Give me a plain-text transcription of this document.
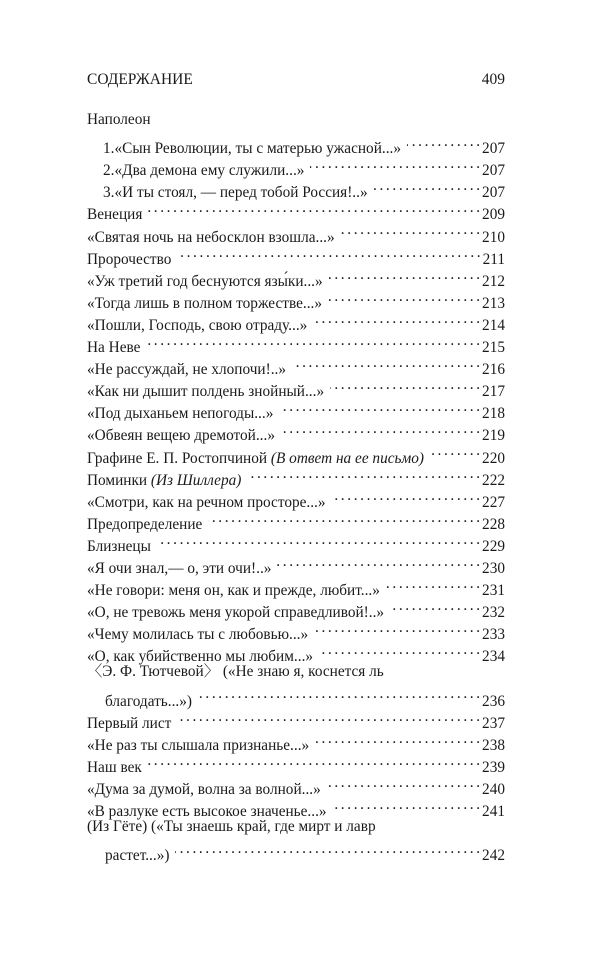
СОДЕРЖАНИЕ	409
Наполеон
1. «Сын Революции, ты с матерью ужасной...» . . .	207
2. «Два демона ему служили...» . . .	207
3. «И ты стоял, — перед тобой Россия!..» . . .	207
Венеция . . .	209
«Святая ночь на небосклон взошла...» . . .	210
Пророчество . . .	211
«Уж третий год беснуются язы́ки...» . . .	212
«Тогда лишь в полном торжестве...» . . .	213
«Пошли, Господь, свою отраду...» . . .	214
На Неве . . .	215
«Не рассуждай, не хлопочи!..» . . .	216
«Как ни дышит полдень знойный...» . . .	217
«Под дыханьем непогоды...» . . .	218
«Обвеян вещею дремотой...» . . .	219
Графине Е. П. Ростопчиной (В ответ на ее письмо) . . .	220
Поминки (Из Шиллера) . . .	222
«Смотри, как на речном просторе...» . . .	227
Предопределение . . .	228
Близнецы . . .	229
«Я очи знал,— о, эти очи!..» . . .	230
«Не говори: меня он, как и прежде, любит...» . . .	231
«О, не тревожь меня укорой справедливой!..» . . .	232
«Чему молилась ты с любовью...» . . .	233
«О, как убийственно мы любим...» . . .	234
〈Э. Ф. Тютчевой〉 («Не знаю я, коснется ль
благодать...») . . .	236
Первый лист . . .	237
«Не раз ты слышала признанье...» . . .	238
Наш век . . .	239
«Дума за думой, волна за волной...» . . .	240
«В разлуке есть высокое значенье...» . . .	241
(Из Гёте) («Ты знаешь край, где мирт и лавр
растет...») . . .	242
